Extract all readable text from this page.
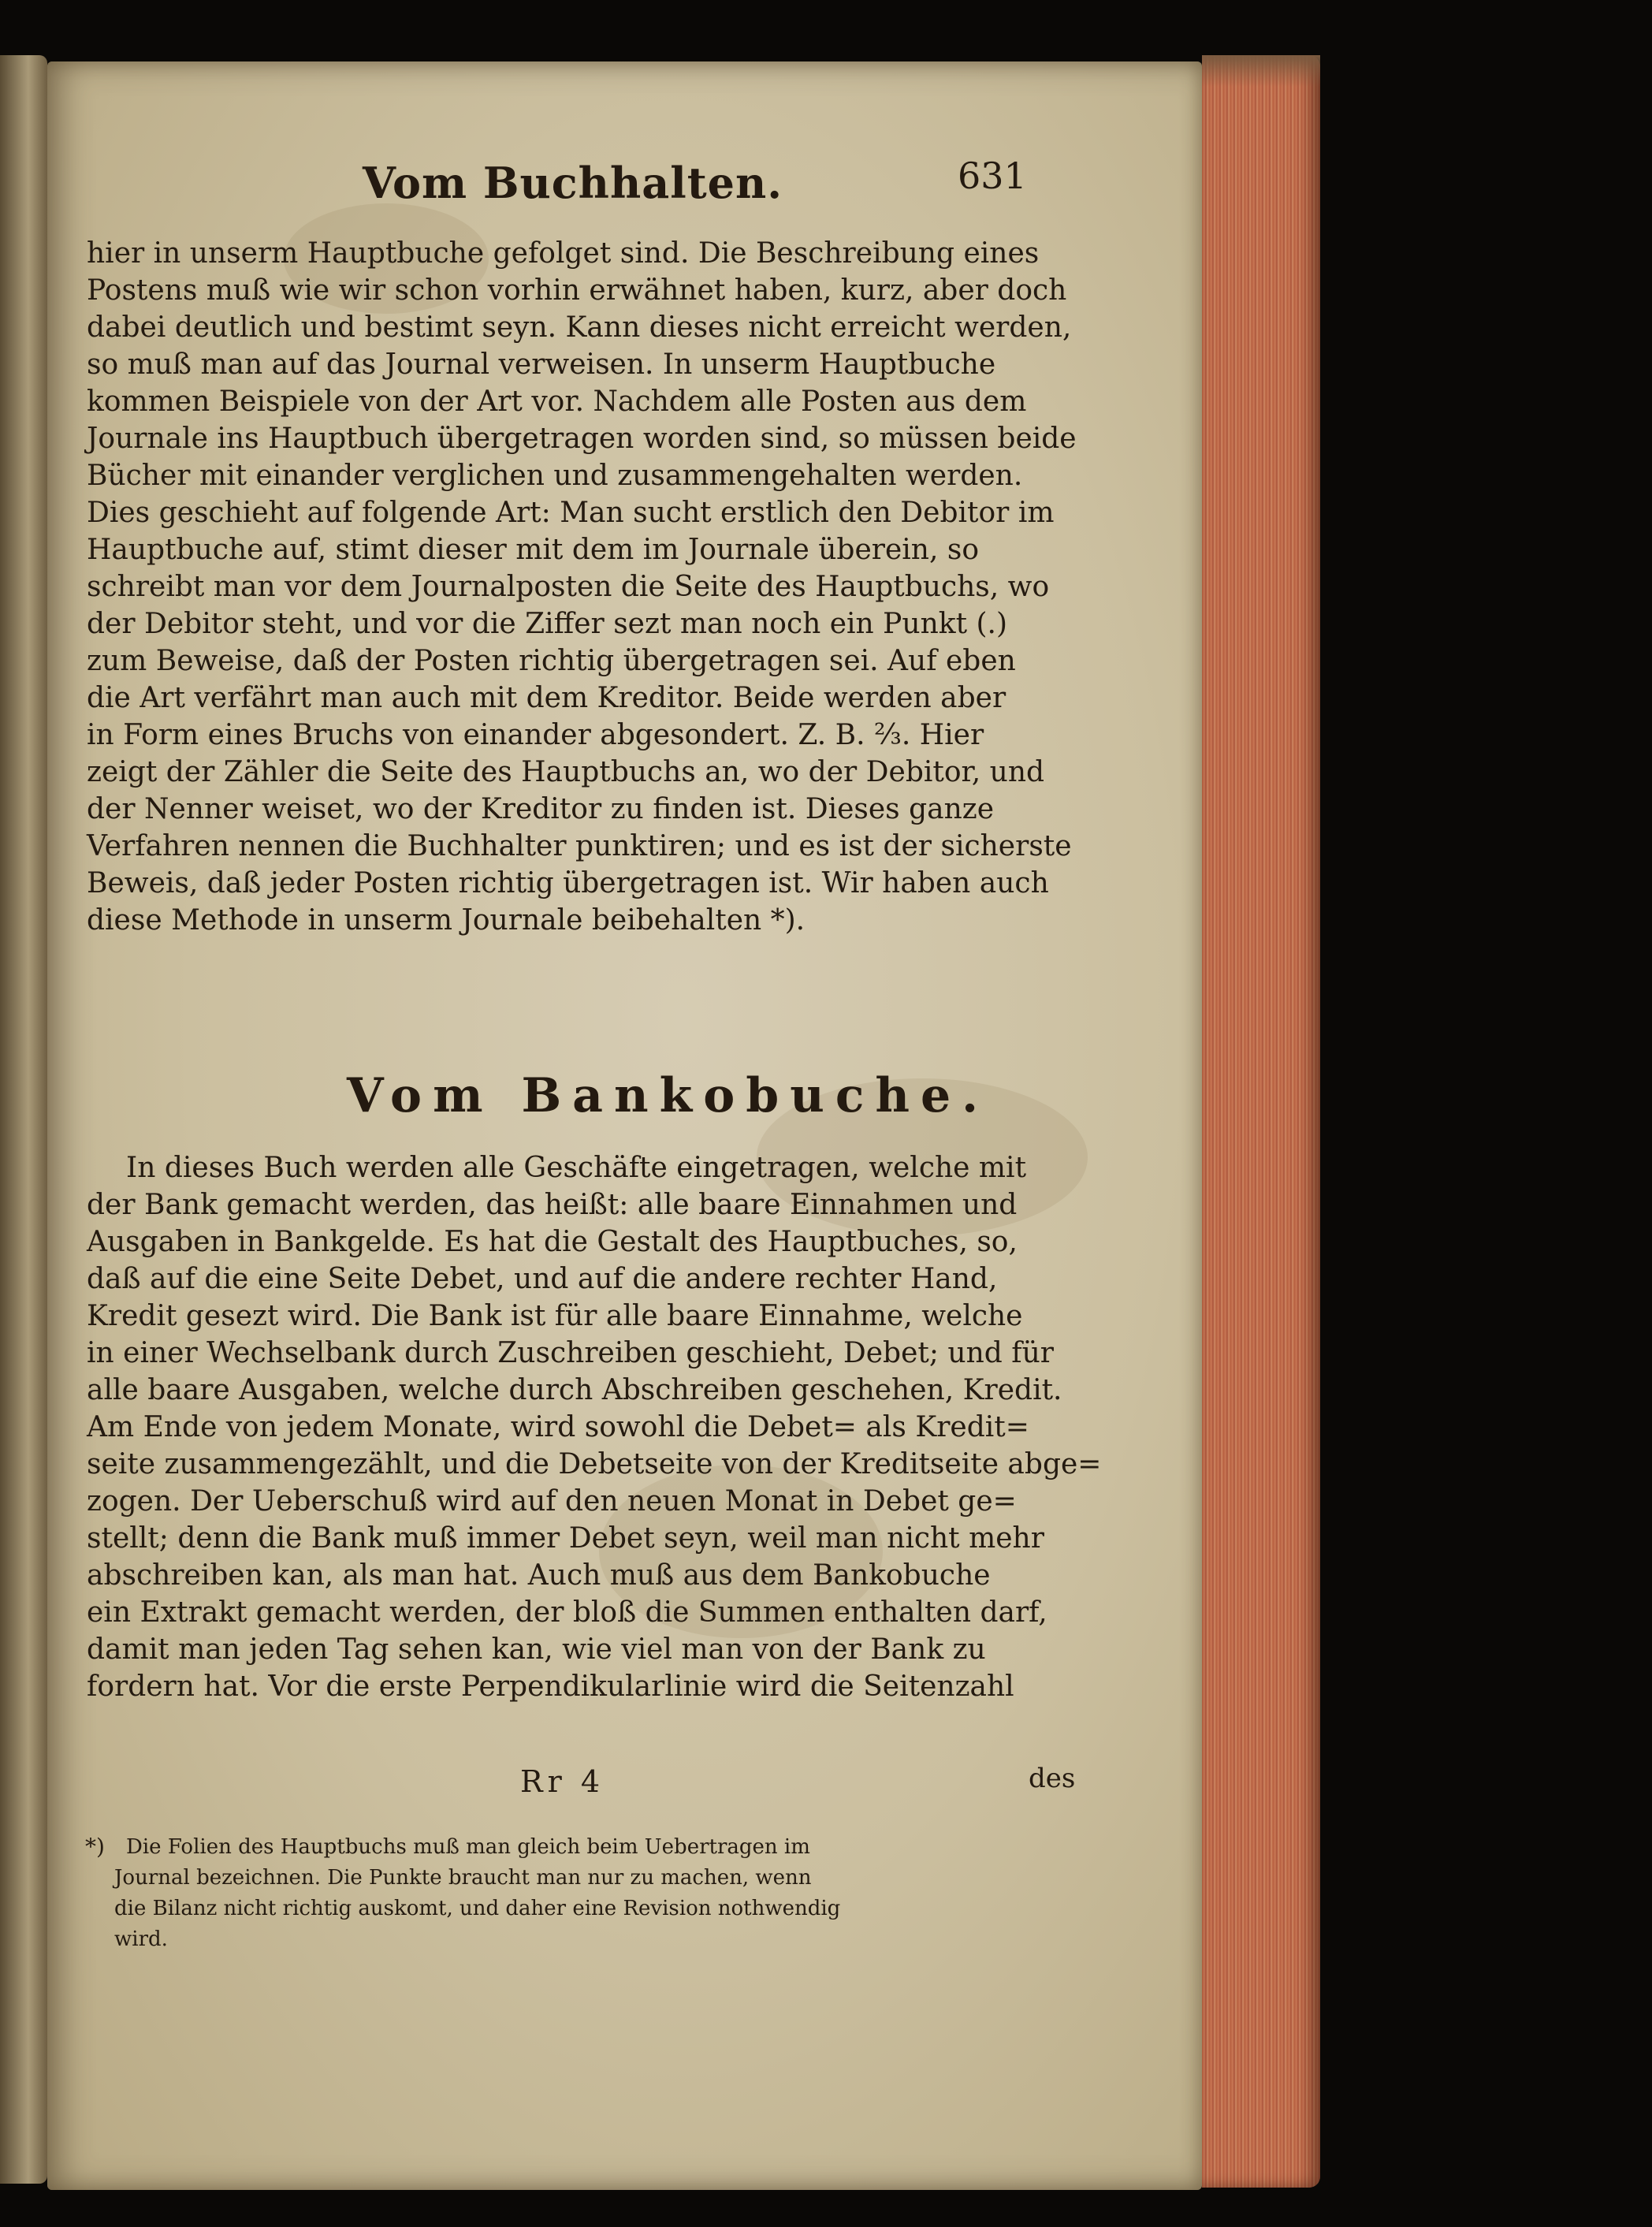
Vom Buchhalten.	631
hier in unserm Hauptbuche gefolget sind. Die Beschreibung eines
Postens muß wie wir schon vorhin erwähnet haben, kurz, aber doch
dabei deutlich und bestimt seyn. Kann dieses nicht erreicht werden,
so muß man auf das Journal verweisen. In unserm Hauptbuche
kommen Beispiele von der Art vor. Nachdem alle Posten aus dem
Journale ins Hauptbuch übergetragen worden sind, so müssen beide
Bücher mit einander verglichen und zusammengehalten werden.
Dies geschieht auf folgende Art: Man sucht erstlich den Debitor im
Hauptbuche auf, stimt dieser mit dem im Journale überein, so
schreibt man vor dem Journalposten die Seite des Hauptbuchs, wo
der Debitor steht, und vor die Ziffer sezt man noch ein Punkt (.)
zum Beweise, daß der Posten richtig übergetragen sei. Auf eben
die Art verfährt man auch mit dem Kreditor. Beide werden aber
in Form eines Bruchs von einander abgesondert. Z. B. ⅔. Hier
zeigt der Zähler die Seite des Hauptbuchs an, wo der Debitor, und
der Nenner weiset, wo der Kreditor zu finden ist. Dieses ganze
Verfahren nennen die Buchhalter punktiren; und es ist der sicherste
Beweis, daß jeder Posten richtig übergetragen ist. Wir haben auch
diese Methode in unserm Journale beibehalten *).
Vom Bankobuche.
In dieses Buch werden alle Geschäfte eingetragen, welche mit
der Bank gemacht werden, das heißt: alle baare Einnahmen und
Ausgaben in Bankgelde. Es hat die Gestalt des Hauptbuches, so,
daß auf die eine Seite Debet, und auf die andere rechter Hand,
Kredit gesezt wird. Die Bank ist für alle baare Einnahme, welche
in einer Wechselbank durch Zuschreiben geschieht, Debet; und für
alle baare Ausgaben, welche durch Abschreiben geschehen, Kredit.
Am Ende von jedem Monate, wird sowohl die Debet= als Kredit=
seite zusammengezählt, und die Debetseite von der Kreditseite abge=
zogen. Der Ueberschuß wird auf den neuen Monat in Debet ge=
stellt; denn die Bank muß immer Debet seyn, weil man nicht mehr
abschreiben kan, als man hat. Auch muß aus dem Bankobuche
ein Extrakt gemacht werden, der bloß die Summen enthalten darf,
damit man jeden Tag sehen kan, wie viel man von der Bank zu
fordern hat. Vor die erste Perpendikularlinie wird die Seitenzahl
Rr 4	des
*) Die Folien des Hauptbuchs muß man gleich beim Uebertragen im
Journal bezeichnen. Die Punkte braucht man nur zu machen, wenn
die Bilanz nicht richtig auskomt, und daher eine Revision nothwendig
wird.
